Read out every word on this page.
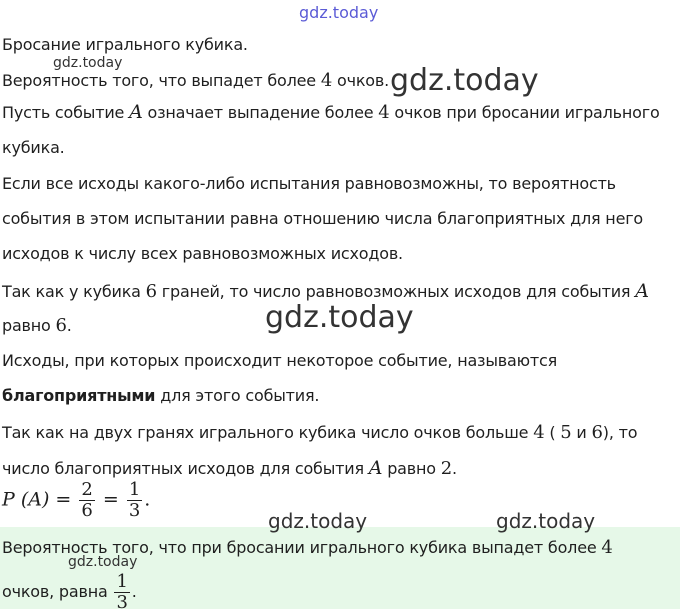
gdz.today
Бросание игрального кубика.
gdz.today
Вероятность того, что выпадет более 4 очков. gdz.today
Пусть событие A означает выпадение более 4 очков при бросании игрального
кубика.
Если все исходы какого-либо испытания равновозможны, то вероятность
события в этом испытании равна отношению числа благоприятных для него
исходов к числу всех равновозможных исходов.
Так как у кубика 6 граней, то число равновозможных исходов для события A
равно 6.	gdz.today
Исходы, при которых происходит некоторое событие, называются
благоприятными для этого события.
Так как на двух гранях игрального кубика число очков больше 4 ( 5 и 6), то
число благоприятных исходов для события A равно 2.
P $(A) = \frac{2}{6} = \frac{1}{3}$ .
gdz.today	gdz.today
Вероятность того, что при бросании игрального кубика выпадет более 4
gdz.today
очков, равна $\frac{1}{3}$ .
